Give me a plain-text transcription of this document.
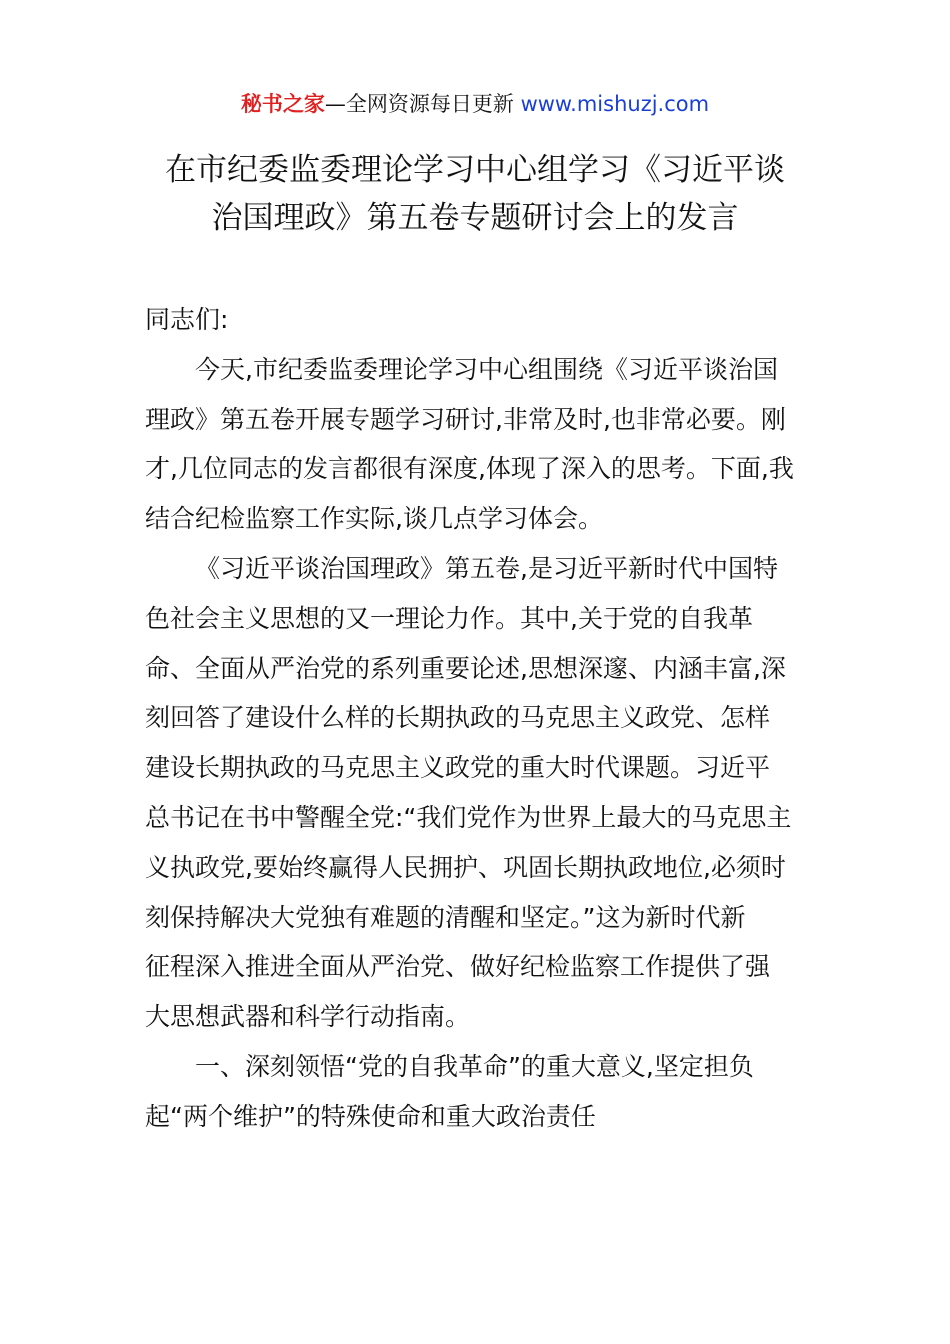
秘书之家—全网资源每日更新 www.mishuzj.com
在市纪委监委理论学习中心组学习《习近平谈
治国理政》第五卷专题研讨会上的发言
同志们:
今天,市纪委监委理论学习中心组围绕《习近平谈治国
理政》第五卷开展专题学习研讨,非常及时,也非常必要。刚
才,几位同志的发言都很有深度,体现了深入的思考。下面,我
结合纪检监察工作实际,谈几点学习体会。
《习近平谈治国理政》第五卷,是习近平新时代中国特
色社会主义思想的又一理论力作。其中,关于党的自我革
命、全面从严治党的系列重要论述,思想深邃、内涵丰富,深
刻回答了建设什么样的长期执政的马克思主义政党、怎样
建设长期执政的马克思主义政党的重大时代课题。习近平
总书记在书中警醒全党:“我们党作为世界上最大的马克思主
义执政党,要始终赢得人民拥护、巩固长期执政地位,必须时
刻保持解决大党独有难题的清醒和坚定。”这为新时代新
征程深入推进全面从严治党、做好纪检监察工作提供了强
大思想武器和科学行动指南。
一、深刻领悟“党的自我革命”的重大意义,坚定担负
起“两个维护”的特殊使命和重大政治责任
